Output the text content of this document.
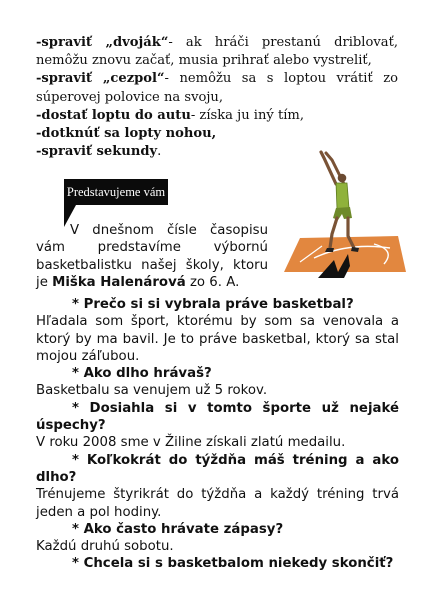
-spraviť „dvoják“- ak hráči prestanú driblovať, nemôžu znovu začať, musia prihrať alebo vystreliť,

-spraviť „cezpol“- nemôžu sa s loptou vrátiť zo súperovej polovice na svoju,

-dostať loptu do autu- získa ju iný tím,

-dotknúť sa lopty nohou,

-spraviť sekundy.

Predstavujeme vám

V dnešnom čísle časopisu vám predstavíme výbornú basketbalistku našej školy, ktoru je Miška Halenárová zo 6. A.

* Prečo si si vybrala práve basketbal?

Hľadala som šport, ktorému by som sa venovala a ktorý by ma bavil. Je to práve basketbal, ktorý sa stal mojou záľubou.

* Ako dlho hrávaš?

Basketbalu sa venujem už 5 rokov.

* Dosiahla si v tomto športe už nejaké úspechy?

V roku 2008 sme v Žiline získali zlatú medailu.

* Koľkokrát do týždňa máš tréning a ako dlho?

Trénujeme štyrikrát do týždňa a každý tréning trvá jeden a pol hodiny.

* Ako často hrávate zápasy?

Každú druhú sobotu.

* Chcela si s basketbalom niekedy skončiť?
